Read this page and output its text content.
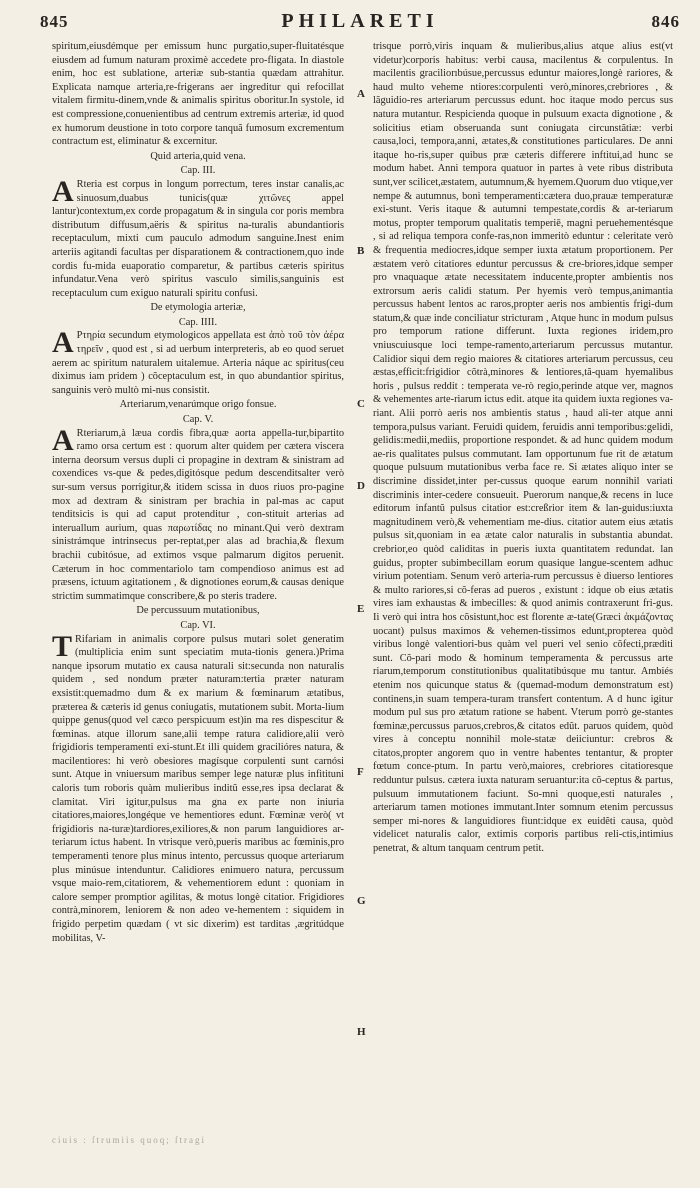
845	PHILARETI	846

spiritum,eiusdémque per emissum hunc purgatio,super-fluitatésque eiusdem ad fumum naturam proximè accedete pro-fligata. In diastole enim, hoc est sublatione, arteriæ sub-stantia quædam attrahitur. Explicata namque arteria,re-frigerans aer ingreditur qui refocillat vitalem firmitu-dinem,vnde & animalis spiritus oboritur.In systole, id est compressione,conuenientibus ad centrum extremis arteriæ, id quod ex humorum deustione in toto corpore tanquã fumosum excrementum contractum est, eliminatur & excernitur.

Quid arteria,quid vena.

Cap. III.

A Rteria est corpus in longum porrectum, teres instar canalis,ac sinuosum,duabus tunicis(quæ χιτῶνες appel lantur)contextum,ex corde propagatum & in singula cor poris membra distributum diffusum,aëris & spiritus na-turalis abundantioris receptaculum, mixti cum pauculo admodum sanguine.Inest enim arteriis agitandi facultas per disparationem & contractionem,quo inde cordis fu-mida euaporatio comparetur, & partibus cæteris spiritus infundatur.Vena verò spiritus vasculo similis,sanguinis est receptaculum cum exiguo naturali spiritu confusi.

De etymologia arteriæ,

Cap. IIII.

A Ρτηρία secundum etymologicos appellata est ἀπὸ τοῦ τὸν ἀέρα τηρεῖν , quod est , si ad uerbum interpreteris, ab eo quod seruet aerem ac spiritum naturalem uitalemue. Arteria náque ac spiritus(ceu diximus iam pridem ) cõceptaculum est, in quo abundantior spiritus, sanguinis verò multò mi-nus consistit.

Arteriarum,venarúmque origo fonsue.

Cap. V.

A Rteriarum,à læua cordis fibra,quæ aorta appella-tur,bipartito ramo orsa certum est : quorum alter quidem per cætera viscera interna deorsum versus dupli ci propagine in dextram & sinistram ad coxendices vs-que & pedes,digitósque pedum descenditsalter verò sur-sum versus porrigitur,& itidem scissa in duos riuos pro-pagine mox ad dextram & sinistram per brachia in pal-mas ac caput tenditsicis is qui ad caput protenditur , con-stituit arterias ad interuallum aurium, quas παρωτίδας no minant.Qui verò dextram sinistrámque intrinsecus per-reptat,per alas ad brachia,& flexum brachii cubitósue, ad extimos vsque palmarum digitos peruenit. Cæterum in hoc commentariolo tam compendioso animus est ad præsens, ictuum agitationem , & dignotiones eorum,& causas denique strictim summatimque conscribere,& po steris tradere.

De percussuum mutationibus,

Cap. VI.

T Rifariam in animalis corpore pulsus mutari solet generatim (multiplicia enim sunt speciatim muta-tionis genera.)Prima nanque ipsorum mutatio ex causa naturali sit:secunda non naturalis quidem , sed nondum præter naturam:tertia præter naturam exsistit:quemadmo dum & ex marium & fœminarum ætatibus, præterea & cæteris id genus coniugatis, mutationem subit. Morta-lium quippe genus(quod vel cæco perspicuum est)in ma res dispescitur & fœminas. atque illorum sane,alii tempe ratura calidiore,alii verò frigidioris temperamenti exi-stunt.Et illi quidem gracilióres natura, & macilentiores: hi verò obesiores magísque corpulenti sunt carnósi sunt. Atque in vniuersum maribus semper lege naturæ plus infitituni caloris tum roboris quàm mulieribus inditũ esse,res ipsa declarat & clamitat. Viri igitur,pulsus ma gna ex parte non iniuria citatiores,maiores,longéque ve hementiores edunt. Fœminæ verò( vt frigidioris na-turæ)tardiores,exiliores,& non parum languidiores ar-teriarum ictus habent. In vtrisque verò,pueris maribus ac fœminis,pro temperamenti tenore plus minus intento, percussus quoque arteriarum plus minúsue intenduntur. Calidiores enimuero natura, percussum vsque maio-rem,citatiorem, & vehementiorem edunt : quoniam in calore semper promptior agilitas, & motus longè citatior. Frigidiores contrà,minorem, leniorem & non adeo ve-hementem : siquidem in frigido perpetim quædam ( vt sic dixerim) est tarditas ,ægritúdque mobilitas, V-

trisque porrò,viris inquam & mulieribus,alius atque alius est(vt videtur)corporis habitus: verbi causa, macilentus & corpulentus. In macilentis graciliorıbúsue,percussus eduntur maiores,longè rariores, & haud multo veheme ntiores:corpulenti verò,minores,crebriores , & lãguidio-res arteriarum percussus edunt. hoc itaque modo percus sus natura mutantur. Respicienda quoque in pulsuum exacta dignotione , & solicitius etiam obseruanda sunt coniugata circunstãtiæ: verbi causa,loci, tempora,anni, ætates,& constitutiones particulares. De anni itaque ho-ris,super quibus præ cæteris differere inftitui,ad hunc se modum habet. Anni tempora quatuor in partes à vete ribus distributa sunt,ver scilicet,æstatem, autumnum,& hyemem.Quorum duo vtique,ver nempe & autumnus, boni temperamenti:cætera duo,prauæ temperaturæ exi-stunt. Veris itaque & autumni tempestate,cordis & ar-teriarum motus, propter temporum qualitatis temperiē, magni peruehementésque , si ad reliqua tempora confe-ras,non immeritò eduntur : celeritate verò & frequentia mediocres,idque semper iuxta ætatum proportionem. Per æstatem verò citatiores eduntur percussus & cre-briores,idque semper pro vnaquaque ætate necessitatem inducente,propter ambientis nos extrorsum aeris calidi statum. Per hyemis verò tempus,animantia percussus habent lentos ac raros,propter aeris nos ambientis frigi-dum statum,& quæ inde conciliatur stricturam , Atque hunc in modum pulsus pro temporum ratione differunt. Iuxta regiones iridem,pro vniuscuiusque loci tempe-ramento,arteriarum percussus mutantur. Calidior siqui dem regio maiores & citatiores arteriarum percussus, ceu æstas,efficit:frigidior cõtrà,minores & lentiores,tã-quam hyemalibus horis , pulsus reddit : temperata ve-rò regio,perinde atque ver, magnos & vehementes arte-riarum ictus edit. atque ita quidem iuxta regiones va-riant. Alii porrò aeris nos ambientis status , haud ali-ter atque anni tempora,pulsus variant. Feruidi quidem, feruidis anni temporibus:gelidi, gelidis:medii,mediis, proportione respondet. & ad hunc quidem modum ae-ris qualitates pulsus commutant. Iam opportunum fue rit de ætatum quoque pulsuum mutationibus verba face re. Si ætates aliquo inter se discrimine dissidet,inter per-cussus quoque earum nonnihil variati discriminis inter-cedere consueuit. Puerorum nanque,& recens in luce editorum infantũ pulsus citatior est:creßrior item & lan-guidus:iuxta magnitudinem verò,& vehementiam me-dius. citatior autem eius ætatis pulsus sit,quoniam in ea ætate calor naturalis in substantia abundat. crebrior,eo quòd caliditas in pueris iuxta quantitatem redundat. lan guidus, propter subimbecillam eorum quasique langue-scentem adhuc virium potentiam. Senum verò arteria-rum percussus è diuerso lentiores & multo rariores,si cõ-feras ad pueros , existunt : idque ob eius ætatis vires iam exhaustas & imbecilles: & quod animis contraxerunt fri-gus. Ii verò qui intra hos cõsistunt,hoc est florente æ-tate(Græci ἀκμάζοντας uocant) pulsus maximos & vehemen-tissimos edunt,propterea quòd viribus longè valentiori-bus quàm vel pueri vel senio cõfecti,præditi sunt. Cõ-pari modo & hominum temperamenta & percussus arte riarum,temporum constitutionibus qualitatibúsque mu tantur. Ambiés etenim nos quicunque status & (quemad-modum demonstratum est) continens,in suam tempera-turam transfert contentum. A d hunc igitur modum pul sus pro ætatum ratione se habent. Vterum porrò ge-stantes fœminæ,percussus paruos,crebros,& citatos edũt. paruos quidem, quòd vires à conceptu nonnihil mole-statæ deiiciuntur: crebros & citatos,propter angorem quo in ventre habentes tentantur, & propter fœtum conce-ptum. In partu verò,maiores, crebriores citatioresque redduntur pulsus. cætera iuxta naturam seruantur:ita cõ-ceptus & partus, pulsuum immutationem faciunt. So-mni quoque,esti naturales , arteriarum tamen motiones immutant.Inter somnum etenim percussus semper mi-nores & languidiores fiunt:idque ex euidẽti causa, quòd videlicet naturalis calor, extimis corporis partibus reli-ctis,intimius penetrat, & altum tanquam centrum petit.

A
B
C
D
E
F
G
H
ciuis : ſtrumiis quoq; ſtragi
